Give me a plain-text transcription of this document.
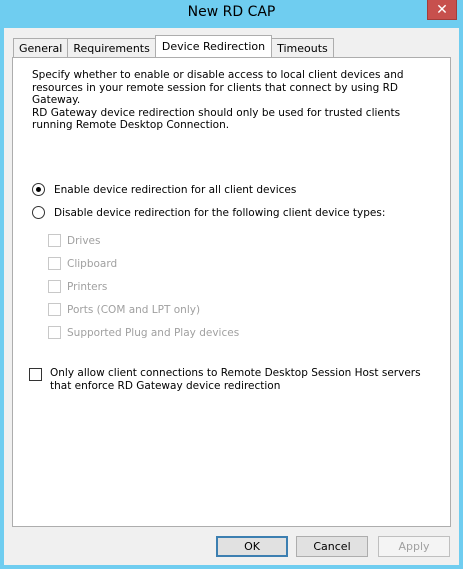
New RD CAP	✕
General	Requirements	Device Redirection	Timeouts
Specify whether to enable or disable access to local client devices and resources in your remote session for clients that connect by using RD Gateway.
RD Gateway device redirection should only be used for trusted clients running Remote Desktop Connection.
Enable device redirection for all client devices
Disable device redirection for the following client device types:
Drives
Clipboard
Printers
Ports (COM and LPT only)
Supported Plug and Play devices
Only allow client connections to Remote Desktop Session Host servers that enforce RD Gateway device redirection
OK	Cancel	Apply
